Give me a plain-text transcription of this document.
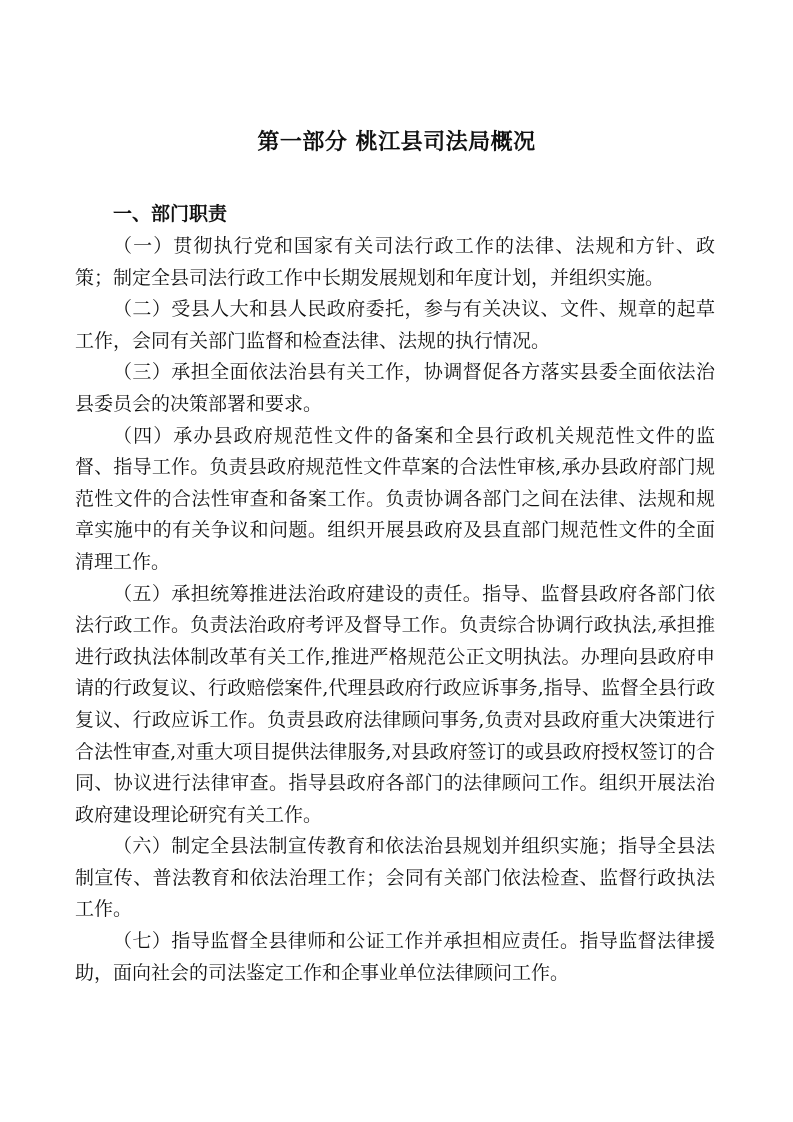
第一部分 桃江县司法局概况
一、部门职责

（一）贯彻执行党和国家有关司法行政工作的法律、法规和方针、政策；制定全县司法行政工作中长期发展规划和年度计划，并组织实施。

（二）受县人大和县人民政府委托，参与有关决议、文件、规章的起草工作，会同有关部门监督和检查法律、法规的执行情况。

（三）承担全面依法治县有关工作，协调督促各方落实县委全面依法治县委员会的决策部署和要求。

（四）承办县政府规范性文件的备案和全县行政机关规范性文件的监督、指导工作。负责县政府规范性文件草案的合法性审核,承办县政府部门规范性文件的合法性审查和备案工作。负责协调各部门之间在法律、法规和规章实施中的有关争议和问题。组织开展县政府及县直部门规范性文件的全面清理工作。

（五）承担统筹推进法治政府建设的责任。指导、监督县政府各部门依法行政工作。负责法治政府考评及督导工作。负责综合协调行政执法,承担推进行政执法体制改革有关工作,推进严格规范公正文明执法。办理向县政府申请的行政复议、行政赔偿案件,代理县政府行政应诉事务,指导、监督全县行政复议、行政应诉工作。负责县政府法律顾问事务,负责对县政府重大决策进行合法性审查,对重大项目提供法律服务,对县政府签订的或县政府授权签订的合同、协议进行法律审查。指导县政府各部门的法律顾问工作。组织开展法治政府建设理论研究有关工作。

（六）制定全县法制宣传教育和依法治县规划并组织实施；指导全县法制宣传、普法教育和依法治理工作；会同有关部门依法检查、监督行政执法工作。

（七）指导监督全县律师和公证工作并承担相应责任。指导监督法律援助，面向社会的司法鉴定工作和企事业单位法律顾问工作。
